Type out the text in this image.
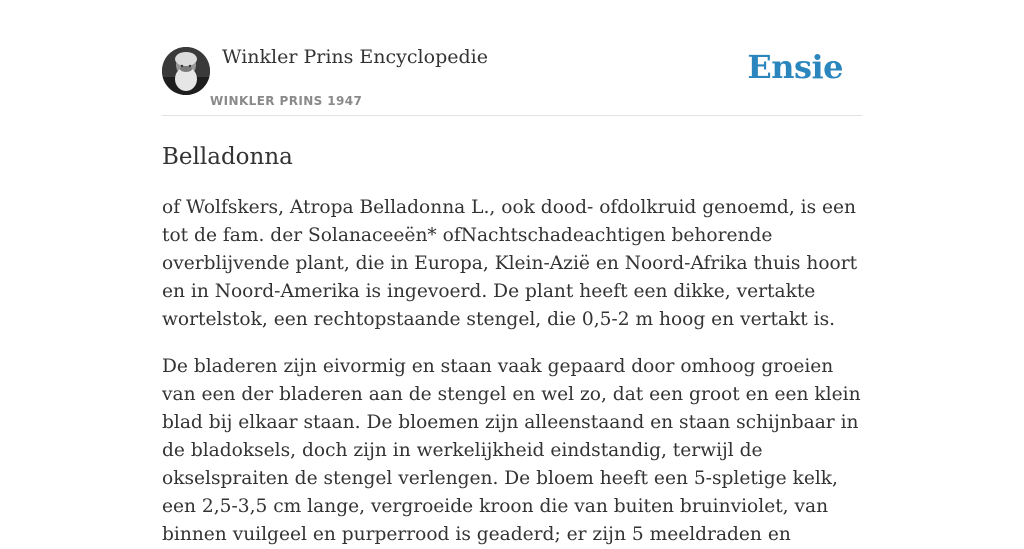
Winkler Prins Encyclopedie
WINKLER PRINS 1947
Ensie
Belladonna

of Wolfskers, Atropa Belladonna L., ook dood- ofdolkruid genoemd, is een tot de fam. der Solanaceeën* ofNachtschadeachtigen behorende overblijvende plant, die in Europa, Klein-Azië en Noord-Afrika thuis hoort en in Noord-Amerika is ingevoerd. De plant heeft een dikke, vertakte wortelstok, een rechtopstaande stengel, die 0,5-2 m hoog en vertakt is.

De bladeren zijn eivormig en staan vaak gepaard door omhoog groeien van een der bladeren aan de stengel en wel zo, dat een groot en een klein blad bij elkaar staan. De bloemen zijn alleenstaand en staan schijnbaar in de bladoksels, doch zijn in werkelijkheid eindstandig, terwijl de okselspraiten de stengel verlengen. De bloem heeft een 5-spletige kelk, een 2,5-3,5 cm lange, vergroeide kroon die van buiten bruinviolet, van binnen vuilgeel en purperrood is geaderd; er zijn 5 meeldraden en
